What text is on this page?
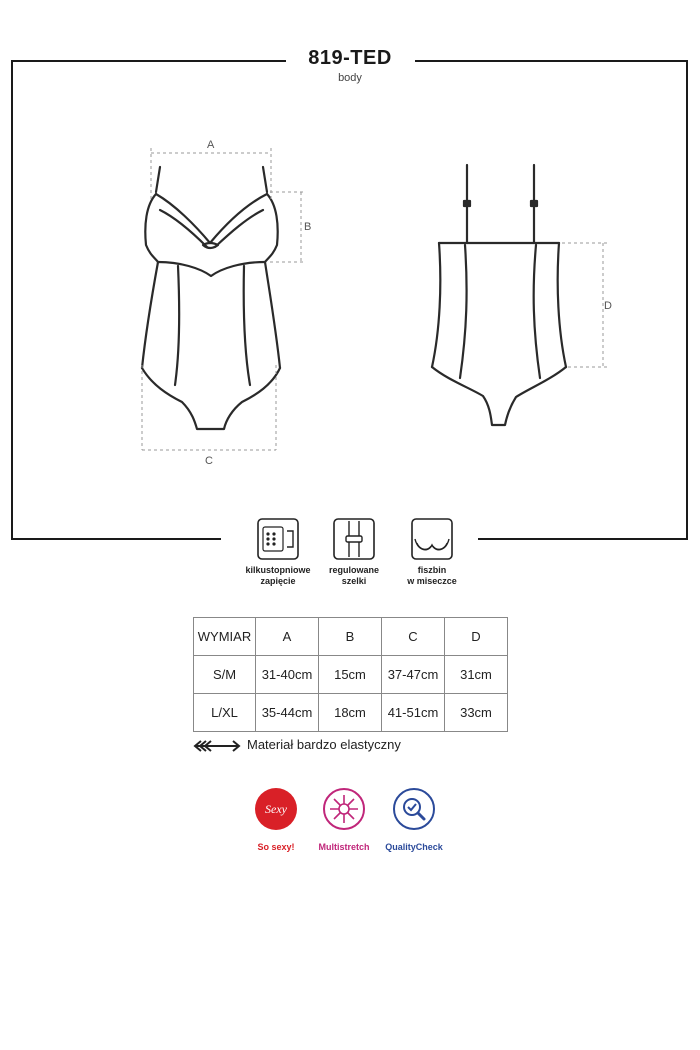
819-TED
body
A
B
C
D
kilkustopniowe
zapięcie
regulowane
szelki
fiszbin
w miseczce
WYMIAR	A	B	C	D
S/M	31-40cm	15cm	37-47cm	31cm
L/XL	35-44cm	18cm	41-51cm	33cm
Materiał bardzo elastyczny
Sexy
So sexy!	Multistretch	QualityCheck
